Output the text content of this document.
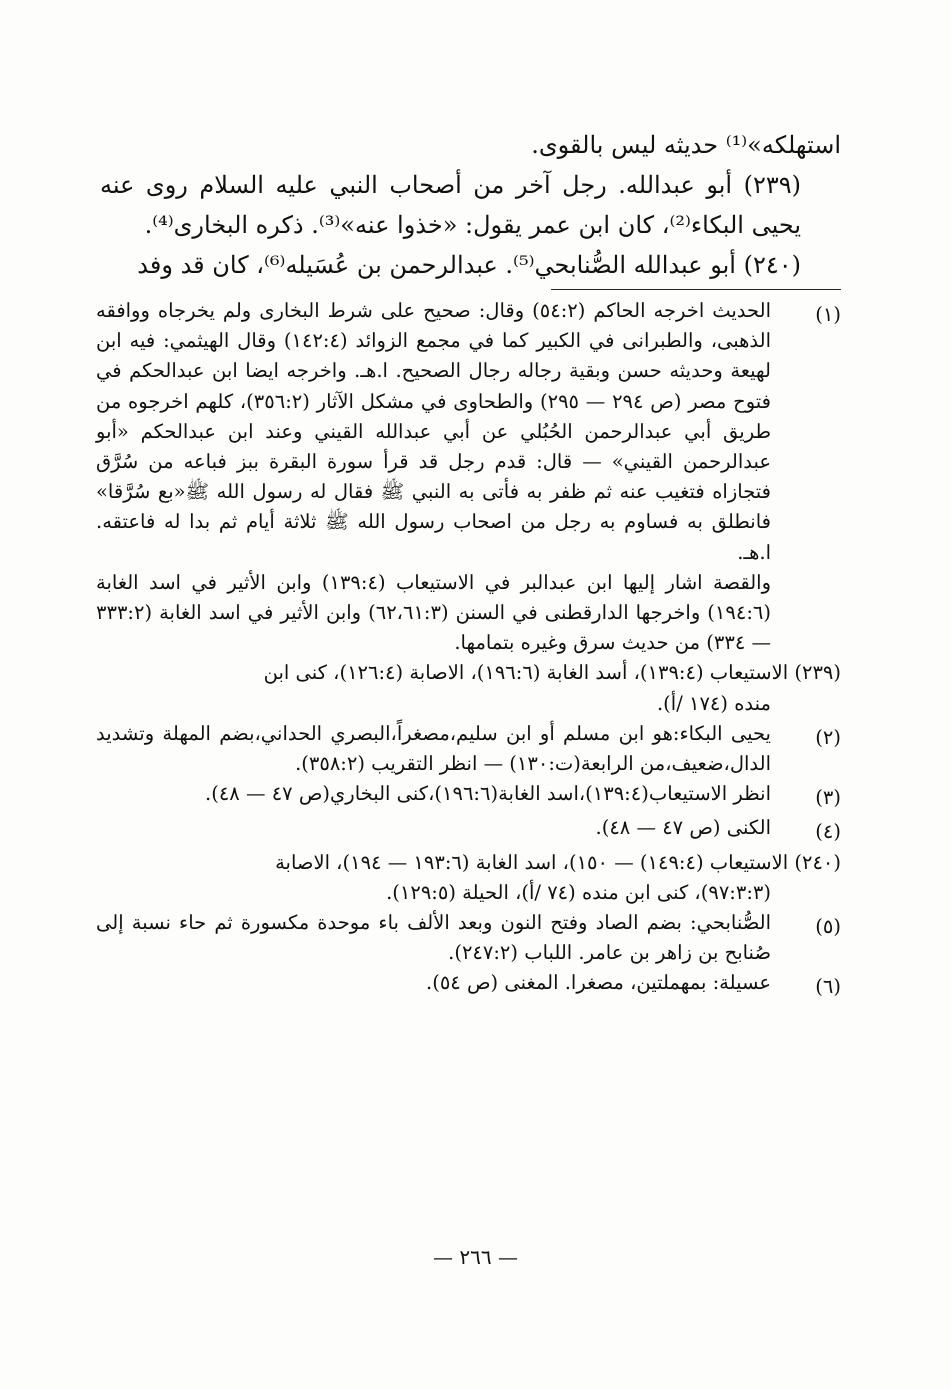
استهلكه»⁽¹⁾ حديثه ليس بالقوى.

(٢٣٩) أبو عبدالله. رجل آخر من أصحاب النبي عليه السلام روى عنه يحيى البكاء⁽²⁾، كان ابن عمر يقول: «خذوا عنه»⁽³⁾. ذكره البخارى⁽⁴⁾.

(٢٤٠) أبو عبدالله الصُّنابحي⁽⁵⁾. عبدالرحمن بن عُسَيله⁽⁶⁾، كان قد وفد

(١)

الحديث اخرجه الحاكم (٥٤:٢) وقال: صحيح على شرط البخارى ولم يخرجاه ووافقه الذهبى، والطبرانى في الكبير كما في مجمع الزوائد (١٤٢:٤) وقال الهيثمي: فيه ابن لهيعة وحديثه حسن وبقية رجاله رجال الصحيح. ا.هـ. واخرجه ايضا ابن عبدالحكم في فتوح مصر (ص ٢٩٤ — ٢٩٥) والطحاوى في مشكل الآثار (٣٥٦:٢)، كلهم اخرجوه من طريق أبي عبدالرحمن الحُبُلي عن أبي عبدالله القيني وعند ابن عبدالحكم «أبو عبدالرحمن القيني» — قال: قدم رجل قد قرأ سورة البقرة ببز فباعه من سُرَّق فتجازاه فتغيب عنه ثم ظفر به فأتى به النبي ﷺ فقال له رسول الله ﷺ«بع سُرَّقا» فانطلق به فساوم به رجل من اصحاب رسول الله ﷺ ثلاثة أيام ثم بدا له فاعتقه. ا.هـ.

والقصة اشار إليها ابن عبدالبر في الاستيعاب (١٣٩:٤) وابن الأثير في اسد الغابة (١٩٤:٦) واخرجها الدارقطنى في السنن (٦٢،٦١:٣) وابن الأثير في اسد الغابة (٣٣٣:٢ — ٣٣٤) من حديث سرق وغيره بتمامها.

(٢٣٩) الاستيعاب (١٣٩:٤)، أسد الغابة (١٩٦:٦)، الاصابة (١٢٦:٤)، كنى ابن

منده (١٧٤ /أ).

(٢)

يحيى البكاء:هو ابن مسلم أو ابن سليم،مصغراً،البصري الحداني،بضم المهلة وتشديد الدال،ضعيف،من الرابعة(ت:١٣٠) — انظر التقريب (٣٥٨:٢).

(٣)

انظر الاستيعاب(١٣٩:٤)،اسد الغابة(١٩٦:٦)،كنى البخاري(ص ٤٧ — ٤٨).

(٤)

الكنى (ص ٤٧ — ٤٨).

(٢٤٠) الاستيعاب (١٤٩:٤) — ١٥٠)، اسد الغابة (١٩٣:٦ — ١٩٤)، الاصابة

(٩٧:٣:٣)، كنى ابن منده (٧٤ /أ)، الحيلة (١٢٩:٥).

(٥)

الصُّنابحي: بضم الصاد وفتح النون وبعد الألف باء موحدة مكسورة ثم حاء نسبة إلى صُنابح بن زاهر بن عامر. اللباب (٢٤٧:٢).

(٦)

عسيلة: بمهملتين، مصغرا. المغنى (ص ٥٤).

— ٢٦٦ —
